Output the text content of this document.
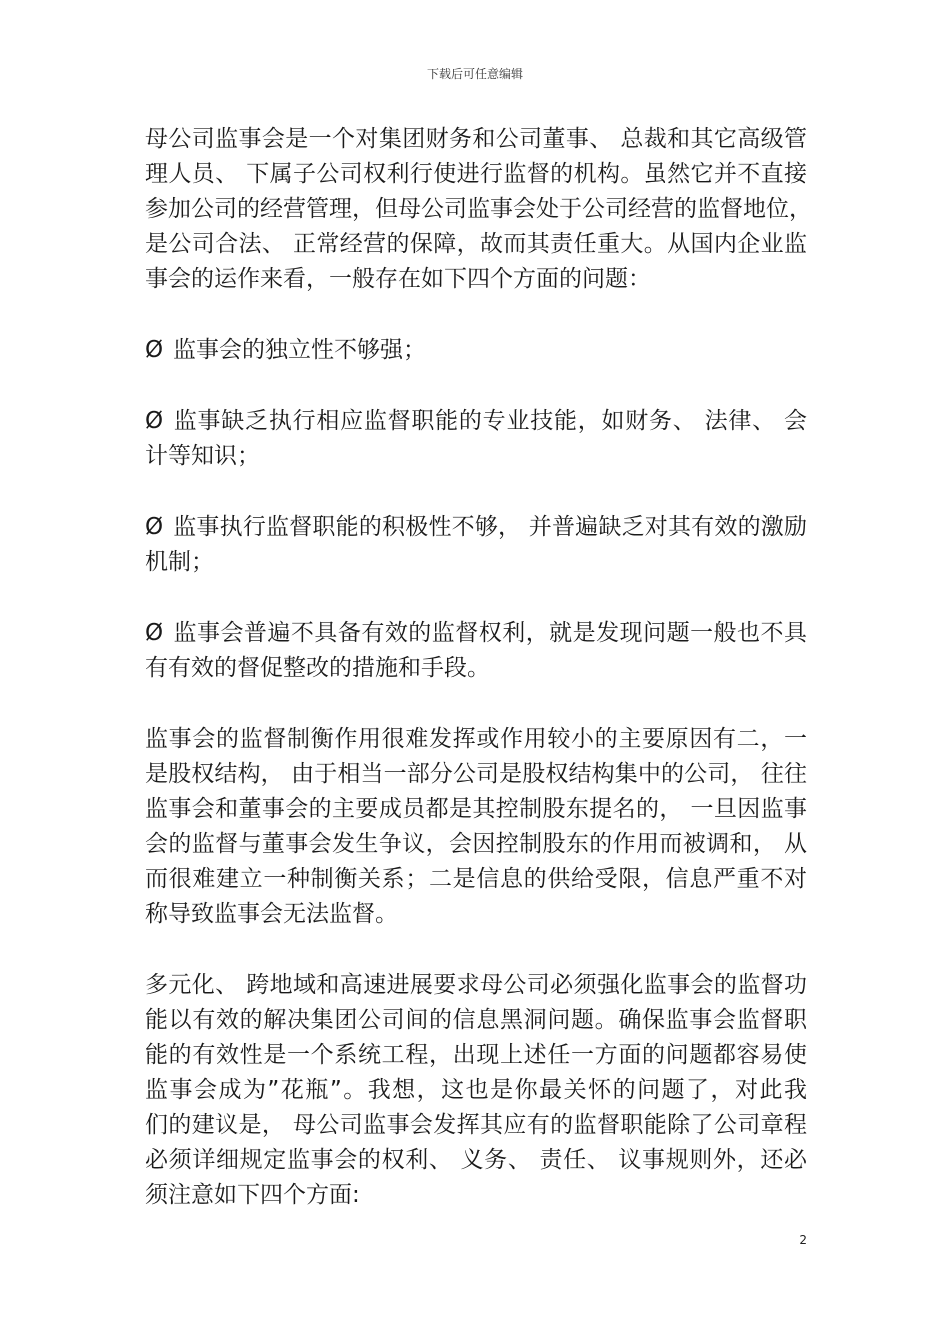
下载后可任意编辑
母公司监事会是一个对集团财务和公司董事、 总裁和其它高级管
理人员、 下属子公司权利行使进行监督的机构。虽然它并不直接
参加公司的经营管理，但母公司监事会处于公司经营的监督地位，
是公司合法、 正常经营的保障，故而其责任重大。从国内企业监
事会的运作来看，一般存在如下四个方面的问题：
Ø 监事会的独立性不够强；
Ø 监事缺乏执行相应监督职能的专业技能，如财务、 法律、 会
计等知识；
Ø 监事执行监督职能的积极性不够， 并普遍缺乏对其有效的激励
机制；
Ø 监事会普遍不具备有效的监督权利，就是发现问题一般也不具
有有效的督促整改的措施和手段。
监事会的监督制衡作用很难发挥或作用较小的主要原因有二，一
是股权结构， 由于相当一部分公司是股权结构集中的公司， 往往
监事会和董事会的主要成员都是其控制股东提名的， 一旦因监事
会的监督与董事会发生争议，会因控制股东的作用而被调和， 从
而很难建立一种制衡关系；二是信息的供给受限，信息严重不对
称导致监事会无法监督。
多元化、 跨地域和高速进展要求母公司必须强化监事会的监督功
能以有效的解决集团公司间的信息黑洞问题。确保监事会监督职
能的有效性是一个系统工程，出现上述任一方面的问题都容易使
监事会成为”花瓶”。我想，这也是你最关怀的问题了，对此我
们的建议是， 母公司监事会发挥其应有的监督职能除了公司章程
必须详细规定监事会的权利、 义务、 责任、 议事规则外，还必
须注意如下四个方面:
2
